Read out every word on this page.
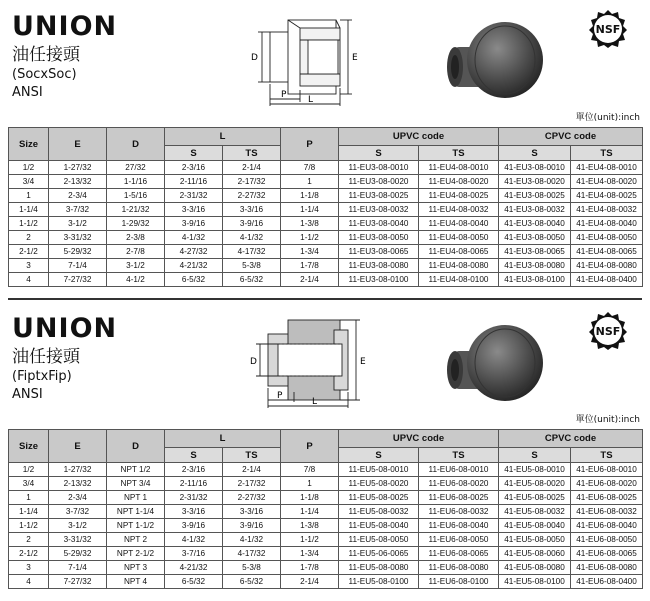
UNION
油任接頭
(SocxSoc)
ANSI
D	E
P L
NSF
單位(unit):inch
Size	E	D	L		P	UPVC code		CPVC code	
			S	TS		S	TS	S	TS
1/2	1-27/32	27/32	2-3/16	2-1/4	7/8	11-EU3-08-0010	11-EU4-08-0010	41-EU3-08-0010	41-EU4-08-0010
3/4	2-13/32	1-1/16	2-11/16	2-17/32	1	11-EU3-08-0020	11-EU4-08-0020	41-EU3-08-0020	41-EU4-08-0020
1	2-3/4	1-5/16	2-31/32	2-27/32	1-1/8	11-EU3-08-0025	11-EU4-08-0025	41-EU3-08-0025	41-EU4-08-0025
1-1/4	3-7/32	1-21/32	3-3/16	3-3/16	1-1/4	11-EU3-08-0032	11-EU4-08-0032	41-EU3-08-0032	41-EU4-08-0032
1-1/2	3-1/2	1-29/32	3-9/16	3-9/16	1-3/8	11-EU3-08-0040	11-EU4-08-0040	41-EU3-08-0040	41-EU4-08-0040
2	3-31/32	2-3/8	4-1/32	4-1/32	1-1/2	11-EU3-08-0050	11-EU4-08-0050	41-EU3-08-0050	41-EU4-08-0050
2-1/2	5-29/32	2-7/8	4-27/32	4-17/32	1-3/4	11-EU3-08-0065	11-EU4-08-0065	41-EU3-08-0065	41-EU4-08-0065
3	7-1/4	3-1/2	4-21/32	5-3/8	1-7/8	11-EU3-08-0080	11-EU4-08-0080	41-EU3-08-0080	41-EU4-08-0080
4	7-27/32	4-1/2	6-5/32	6-5/32	2-1/4	11-EU3-08-0100	11-EU4-08-0100	41-EU3-08-0100	41-EU4-08-0400
UNION
油任接頭
(FiptxFip)
ANSI
D	E
P
L
NSF
單位(unit):inch
Size	E	D	L		P	UPVC code		CPVC code	
			S	TS		S	TS	S	TS
1/2	1-27/32	NPT 1/2	2-3/16	2-1/4	7/8	11-EU5-08-0010	11-EU6-08-0010	41-EU5-08-0010	41-EU6-08-0010
3/4	2-13/32	NPT 3/4	2-11/16	2-17/32	1	11-EU5-08-0020	11-EU6-08-0020	41-EU5-08-0020	41-EU6-08-0020
1	2-3/4	NPT 1	2-31/32	2-27/32	1-1/8	11-EU5-08-0025	11-EU6-08-0025	41-EU5-08-0025	41-EU6-08-0025
1-1/4	3-7/32	NPT 1-1/4	3-3/16	3-3/16	1-1/4	11-EU5-08-0032	11-EU6-08-0032	41-EU5-08-0032	41-EU6-08-0032
1-1/2	3-1/2	NPT 1-1/2	3-9/16	3-9/16	1-3/8	11-EU5-08-0040	11-EU6-08-0040	41-EU5-08-0040	41-EU6-08-0040
2	3-31/32	NPT 2	4-1/32	4-1/32	1-1/2	11-EU5-08-0050	11-EU6-08-0050	41-EU5-08-0050	41-EU6-08-0050
2-1/2	5-29/32	NPT 2-1/2	3-7/16	4-17/32	1-3/4	11-EU5-06-0065	11-EU6-08-0065	41-EU5-08-0060	41-EU6-08-0065
3	7-1/4	NPT 3	4-21/32	5-3/8	1-7/8	11-EU5-08-0080	11-EU6-08-0080	41-EU5-08-0080	41-EU6-08-0080
4	7-27/32	NPT 4	6-5/32	6-5/32	2-1/4	11-EU5-08-0100	11-EU6-08-0100	41-EU5-08-0100	41-EU6-08-0400
